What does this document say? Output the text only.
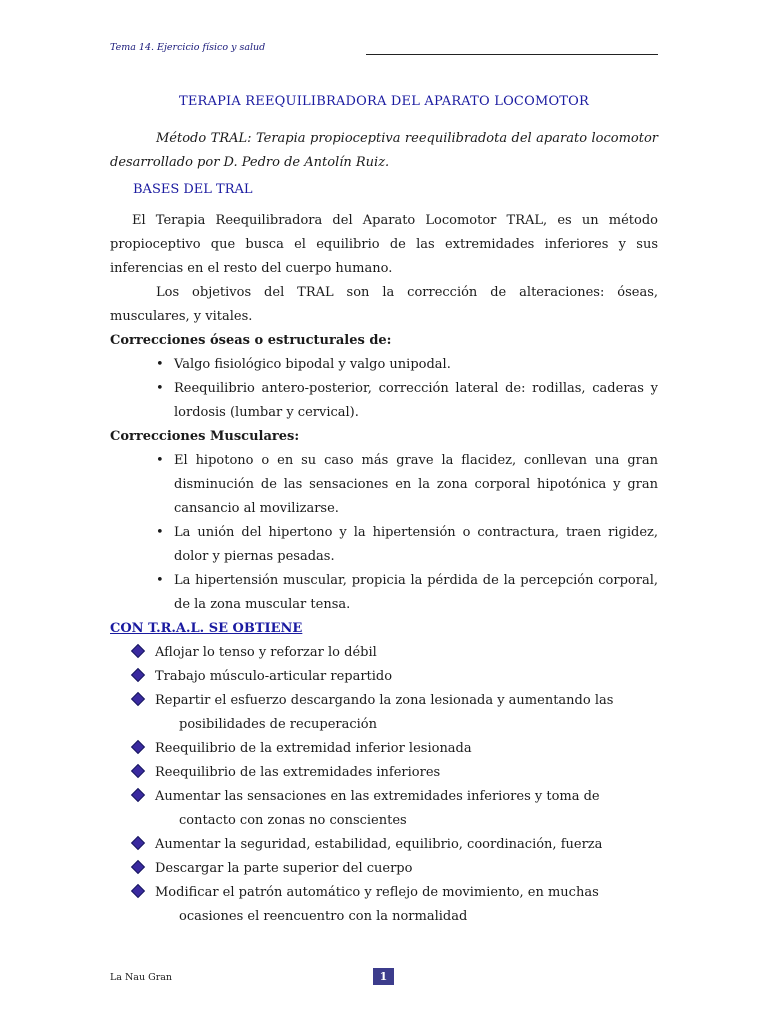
Tema 14. Ejercicio físico y salud
TERAPIA REEQUILIBRADORA DEL APARATO LOCOMOTOR
Método TRAL: Terapia propioceptiva reequilibradota del aparato locomotor desarrollado por D. Pedro de Antolín Ruiz.
BASES DEL TRAL

El Terapia Reequilibradora del Aparato Locomotor TRAL, es un método propioceptivo que busca el equilibrio de las extremidades inferiores y sus inferencias en el resto del cuerpo humano.

Los objetivos del TRAL son la corrección de alteraciones: óseas, musculares, y vitales.

Correcciones óseas o estructurales de:

• Valgo fisiológico bipodal y valgo unipodal.
• Reequilibrio antero-posterior, corrección lateral de: rodillas, caderas y lordosis (lumbar y cervical).

Correcciones Musculares:

• El hipotono o en su caso más grave la flacidez, conllevan una gran disminución de las sensaciones en la zona corporal hipotónica y gran cansancio al movilizarse.
• La unión del hipertono y la hipertensión o contractura, traen rigidez, dolor y piernas pesadas.
• La hipertensión muscular, propicia la pérdida de la percepción corporal, de la zona muscular tensa.

CON T.R.A.L. SE OBTIENE

Aflojar lo tenso y reforzar lo débil
Trabajo músculo-articular repartido
Repartir el esfuerzo descargando la zona lesionada y aumentando las
posibilidades de recuperación
Reequilibrio de la extremidad inferior lesionada
Reequilibrio de las extremidades inferiores
Aumentar las sensaciones en las extremidades inferiores y toma de
contacto con zonas no conscientes
Aumentar la seguridad, estabilidad, equilibrio, coordinación, fuerza
Descargar la parte superior del cuerpo
Modificar el patrón automático y reflejo de movimiento, en muchas
ocasiones el reencuentro con la normalidad
La Nau Gran	1
